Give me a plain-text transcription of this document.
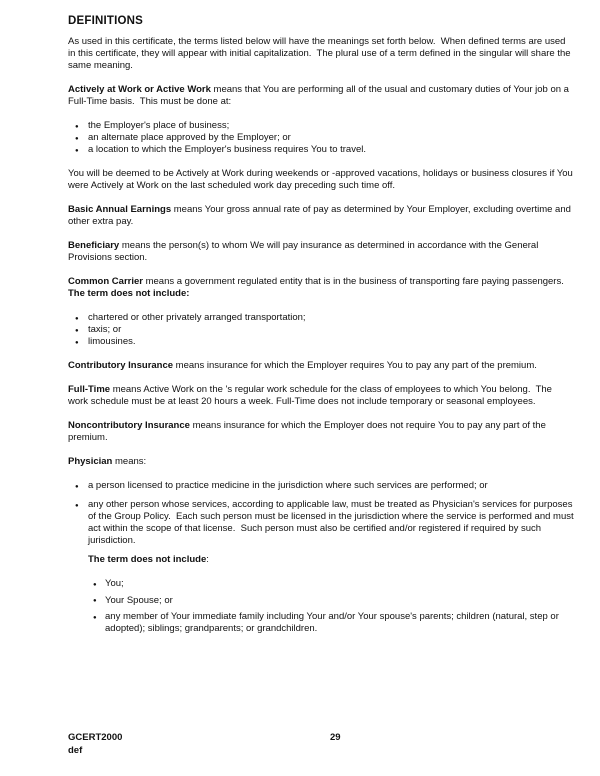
DEFINITIONS

As used in this certificate, the terms listed below will have the meanings set forth below.  When defined terms are used in this certificate, they will appear with initial capitalization.  The plural use of a term defined in the singular will share the same meaning.

Actively at Work or Active Work means that You are performing all of the usual and customary duties of Your job on a Full-Time basis.  This must be done at:

● the Employer's place of business;
● an alternate place approved by the Employer; or
● a location to which the Employer's business requires You to travel.

You will be deemed to be Actively at Work during weekends or -approved vacations, holidays or business closures if You were Actively at Work on the last scheduled work day preceding such time off.

Basic Annual Earnings means Your gross annual rate of pay as determined by Your Employer, excluding overtime and other extra pay.

Beneficiary means the person(s) to whom We will pay insurance as determined in accordance with the General Provisions section.

Common Carrier means a government regulated entity that is in the business of transporting fare paying passengers. The term does not include:

● chartered or other privately arranged transportation;
● taxis; or
● limousines.

Contributory Insurance means insurance for which the Employer requires You to pay any part of the premium.

Full-Time means Active Work on the 's regular work schedule for the class of employees to which You belong.  The work schedule must be at least 20 hours a week. Full-Time does not include temporary or seasonal employees.

Noncontributory Insurance means insurance for which the Employer does not require You to pay any part of the premium.

Physician means:

● a person licensed to practice medicine in the jurisdiction where such services are performed; or
● any other person whose services, according to applicable law, must be treated as Physician's services for purposes of the Group Policy.  Each such person must be licensed in the jurisdiction where the service is performed and must act within the scope of that license.  Such person must also be certified and/or registered if required by such jurisdiction.

The term does not include:

● You;
● Your Spouse; or
● any member of Your immediate family including Your and/or Your spouse's parents; children (natural, step or adopted); siblings; grandparents; or grandchildren.
GCERT2000
def
29
